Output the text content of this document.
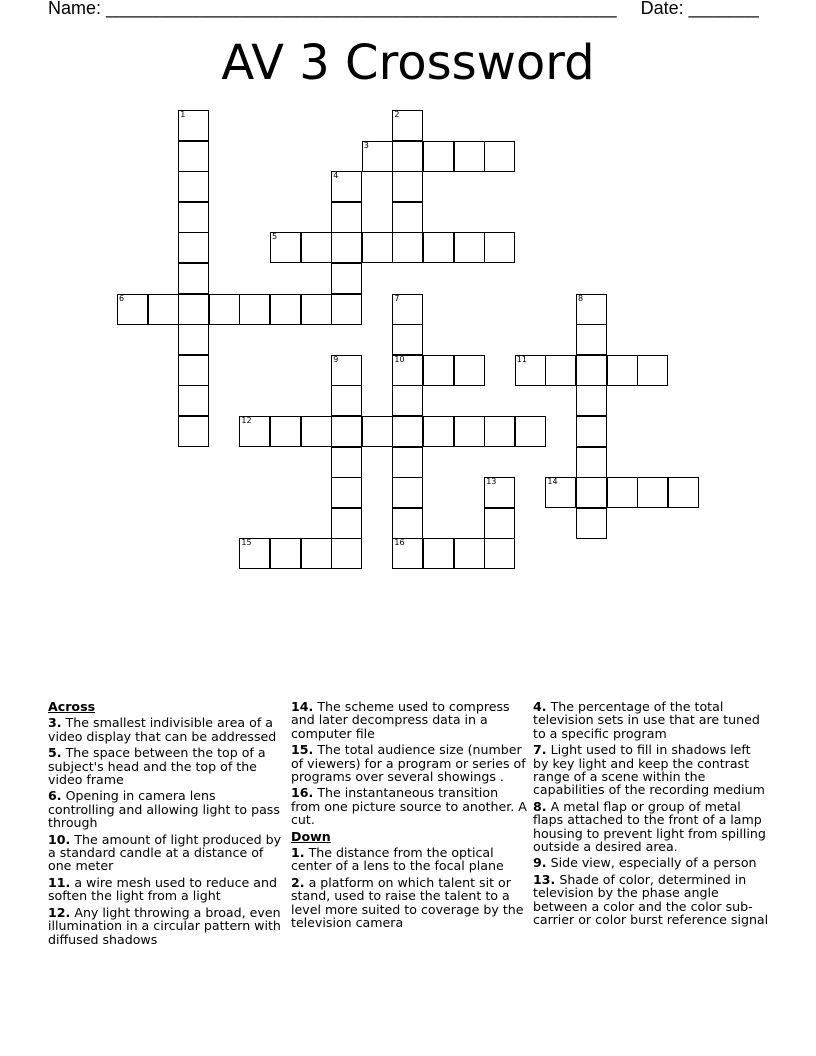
Name: ___________________________________________________ Date: _______
AV 3 Crossword
1	2
3
4
5
6	7
10
16
8
9	11
12
13	14
15
Across
3. The smallest indivisible area of a video display that can be addressed
5. The space between the top of a subject's head and the top of the video frame
6. Opening in camera lens controlling and allowing light to pass through
10. The amount of light produced by a standard candle at a distance of one meter
11. a wire mesh used to reduce and soften the light from a light
12. Any light throwing a broad, even illumination in a circular pattern with diffused shadows
14. The scheme used to compress and later decompress data in a computer file
15. The total audience size (number of viewers) for a program or series of programs over several showings .
16. The instantaneous transition from one picture source to another. A cut.
Down
1. The distance from the optical center of a lens to the focal plane
2. a platform on which talent sit or stand, used to raise the talent to a level more suited to coverage by the television camera
4. The percentage of the total television sets in use that are tuned to a specific program
7. Light used to fill in shadows left by key light and keep the contrast range of a scene within the capabilities of the recording medium
8. A metal flap or group of metal flaps attached to the front of a lamp housing to prevent light from spilling outside a desired area.
9. Side view, especially of a person
13. Shade of color, determined in television by the phase angle between a color and the color sub-carrier or color burst reference signal
